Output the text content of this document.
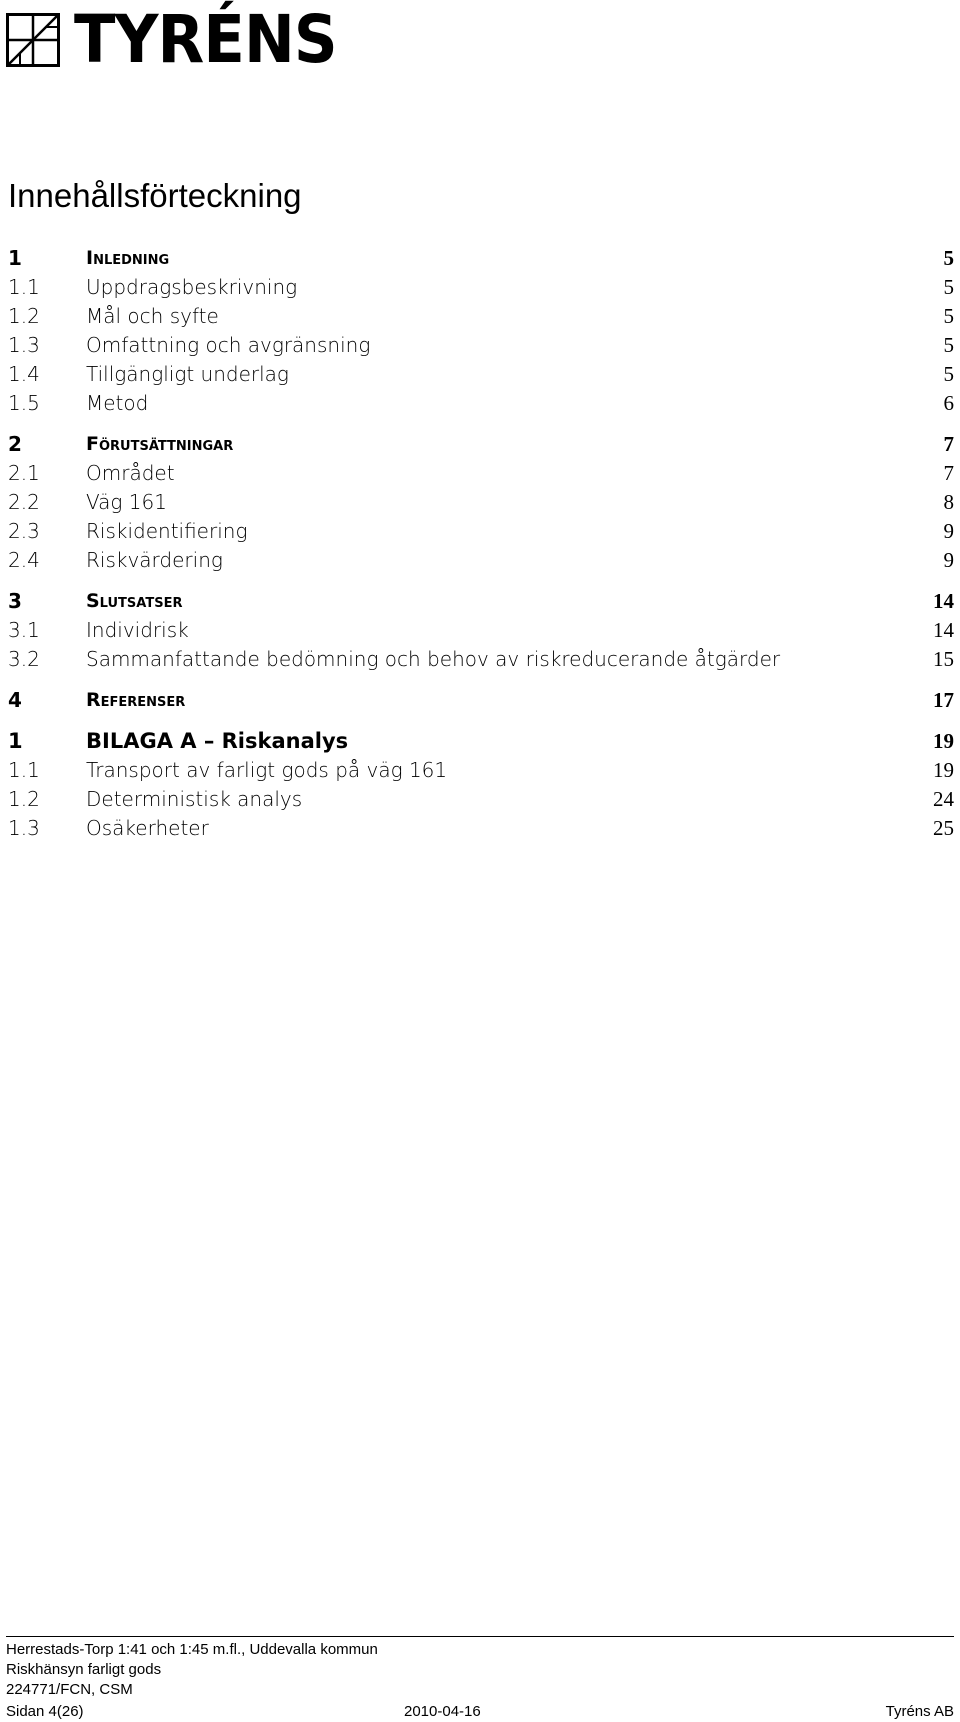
TYRÉNS
Innehållsförteckning
1	Inledning	5
1.1 Uppdragsbeskrivning	5
1.2 Mål och syfte	5
1.3 Omfattning och avgränsning	5
1.4 Tillgängligt underlag	5
1.5 Metod	6
2	Förutsättningar	7
2.1 Området	7
2.2 Väg 161	8
2.3 Riskidentifiering	9
2.4 Riskvärdering	9
3	Slutsatser	14
3.1 Individrisk	14
3.2 Sammanfattande bedömning och behov av riskreducerande åtgärder	15
4	Referenser	17
1	BILAGA A – Riskanalys	19
1.1 Transport av farligt gods på väg 161	19
1.2 Deterministisk analys	24
1.3 Osäkerheter	25
Herrestads-Torp 1:41 och 1:45 m.fl., Uddevalla kommun
Riskhänsyn farligt gods
224771/FCN, CSM
Sidan 4(26)	2010-04-16	Tyréns AB
